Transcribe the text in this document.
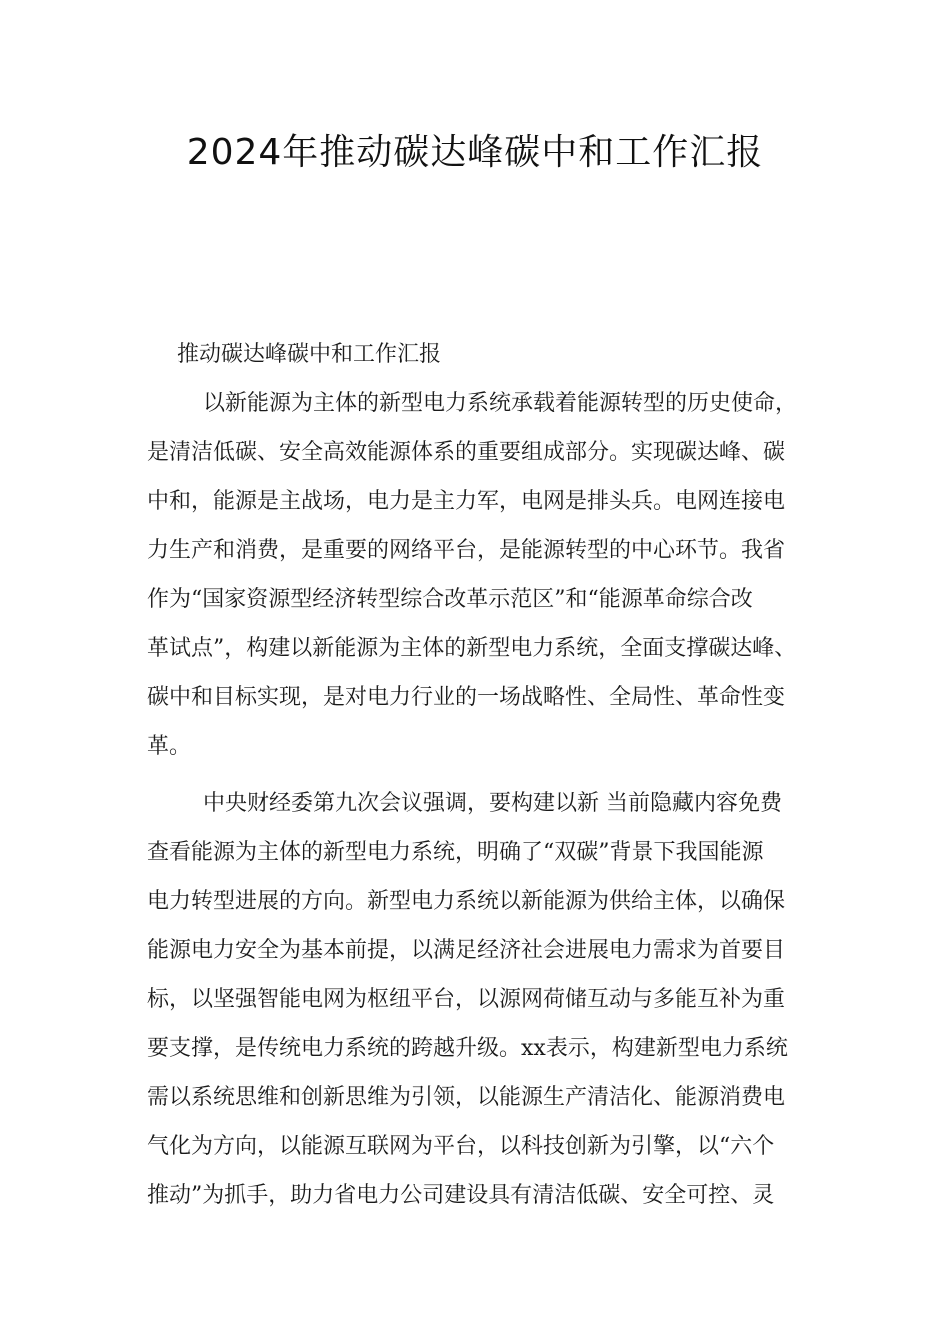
2024年推动碳达峰碳中和工作汇报

推动碳达峰碳中和工作汇报

以新能源为主体的新型电力系统承载着能源转型的历史使命，
是清洁低碳、安全高效能源体系的重要组成部分。实现碳达峰、碳
中和，能源是主战场，电力是主力军，电网是排头兵。电网连接电
力生产和消费，是重要的网络平台，是能源转型的中心环节。我省
作为“国家资源型经济转型综合改革示范区”和“能源革命综合改
革试点”，构建以新能源为主体的新型电力系统，全面支撑碳达峰、
碳中和目标实现，是对电力行业的一场战略性、全局性、革命性变
革。

中央财经委第九次会议强调，要构建以新 当前隐藏内容免费
查看能源为主体的新型电力系统，明确了“双碳”背景下我国能源
电力转型进展的方向。新型电力系统以新能源为供给主体，以确保
能源电力安全为基本前提，以满足经济社会进展电力需求为首要目
标，以坚强智能电网为枢纽平台，以源网荷储互动与多能互补为重
要支撑，是传统电力系统的跨越升级。xx表示，构建新型电力系统
需以系统思维和创新思维为引领，以能源生产清洁化、能源消费电
气化为方向，以能源互联网为平台，以科技创新为引擎，以“六个
推动”为抓手，助力省电力公司建设具有清洁低碳、安全可控、灵
